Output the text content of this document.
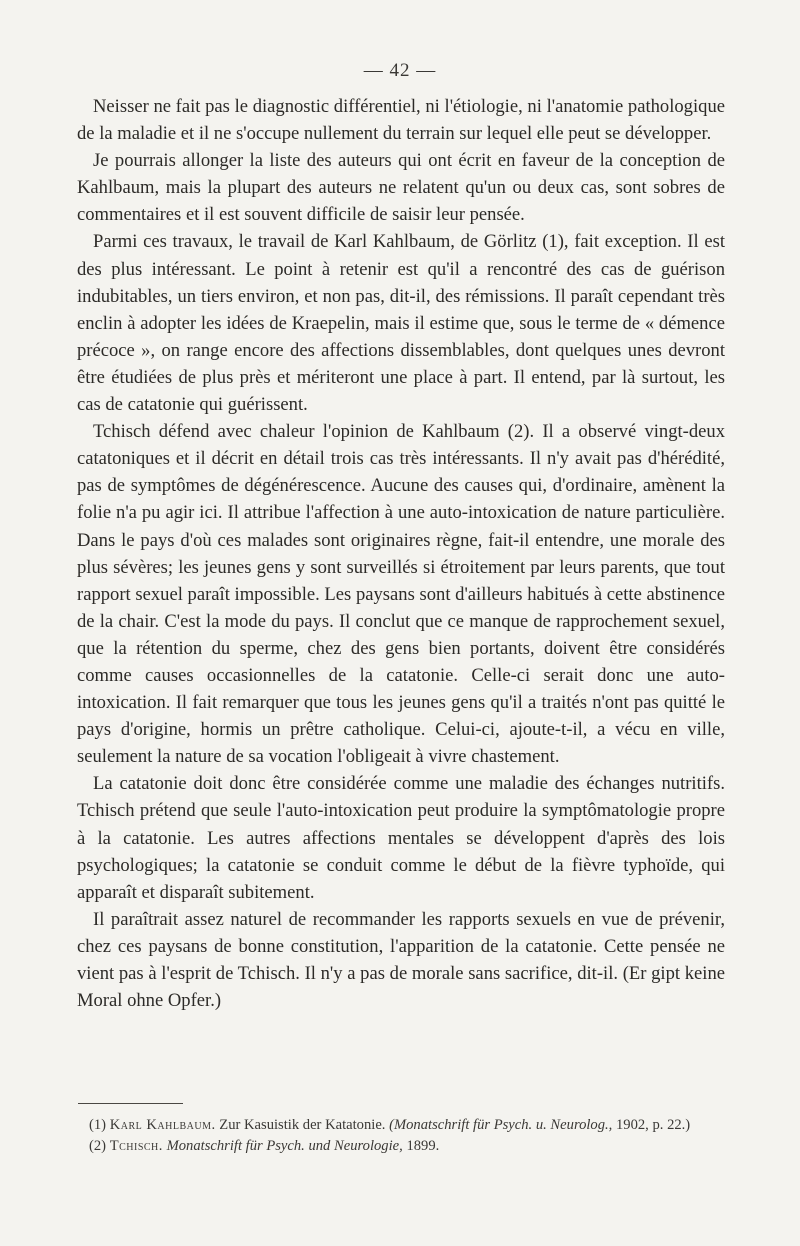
— 42 —

Neisser ne fait pas le diagnostic différentiel, ni l'étiologie, ni l'anatomie pathologique de la maladie et il ne s'occupe nullement du terrain sur lequel elle peut se développer.

Je pourrais allonger la liste des auteurs qui ont écrit en faveur de la conception de Kahlbaum, mais la plupart des auteurs ne relatent qu'un ou deux cas, sont sobres de commentaires et il est souvent difficile de saisir leur pensée.

Parmi ces travaux, le travail de Karl Kahlbaum, de Görlitz (1), fait exception. Il est des plus intéressant. Le point à retenir est qu'il a rencontré des cas de guérison indubitables, un tiers environ, et non pas, dit-il, des rémissions. Il paraît cependant très enclin à adopter les idées de Kraepelin, mais il estime que, sous le terme de « démence précoce », on range encore des affections dissemblables, dont quelques unes devront être étudiées de plus près et mériteront une place à part. Il entend, par là surtout, les cas de catatonie qui guérissent.

Tchisch défend avec chaleur l'opinion de Kahlbaum (2). Il a observé vingt-deux catatoniques et il décrit en détail trois cas très intéressants. Il n'y avait pas d'hérédité, pas de symptômes de dégénérescence. Aucune des causes qui, d'ordinaire, amènent la folie n'a pu agir ici. Il attribue l'affection à une auto-intoxication de nature particulière. Dans le pays d'où ces malades sont originaires règne, fait-il entendre, une morale des plus sévères; les jeunes gens y sont surveillés si étroitement par leurs parents, que tout rapport sexuel paraît impossible. Les paysans sont d'ailleurs habitués à cette abstinence de la chair. C'est la mode du pays. Il conclut que ce manque de rapprochement sexuel, que la rétention du sperme, chez des gens bien portants, doivent être considérés comme causes occasionnelles de la catatonie. Celle-ci serait donc une auto-intoxication. Il fait remarquer que tous les jeunes gens qu'il a traités n'ont pas quitté le pays d'origine, hormis un prêtre catholique. Celui-ci, ajoute-t-il, a vécu en ville, seulement la nature de sa vocation l'obligeait à vivre chastement.

La catatonie doit donc être considérée comme une maladie des échanges nutritifs. Tchisch prétend que seule l'auto-intoxication peut produire la symptômatologie propre à la catatonie. Les autres affections mentales se développent d'après des lois psychologiques; la catatonie se conduit comme le début de la fièvre typhoïde, qui apparaît et disparaît subitement.

Il paraîtrait assez naturel de recommander les rapports sexuels en vue de prévenir, chez ces paysans de bonne constitution, l'apparition de la catatonie. Cette pensée ne vient pas à l'esprit de Tchisch. Il n'y a pas de morale sans sacrifice, dit-il. (Er gipt keine Moral ohne Opfer.)

(1) Karl Kahlbaum. Zur Kasuistik der Katatonie. (Monatschrift für Psych. u. Neurolog., 1902, p. 22.)

(2) Tchisch. Monatschrift für Psych. und Neurologie, 1899.
